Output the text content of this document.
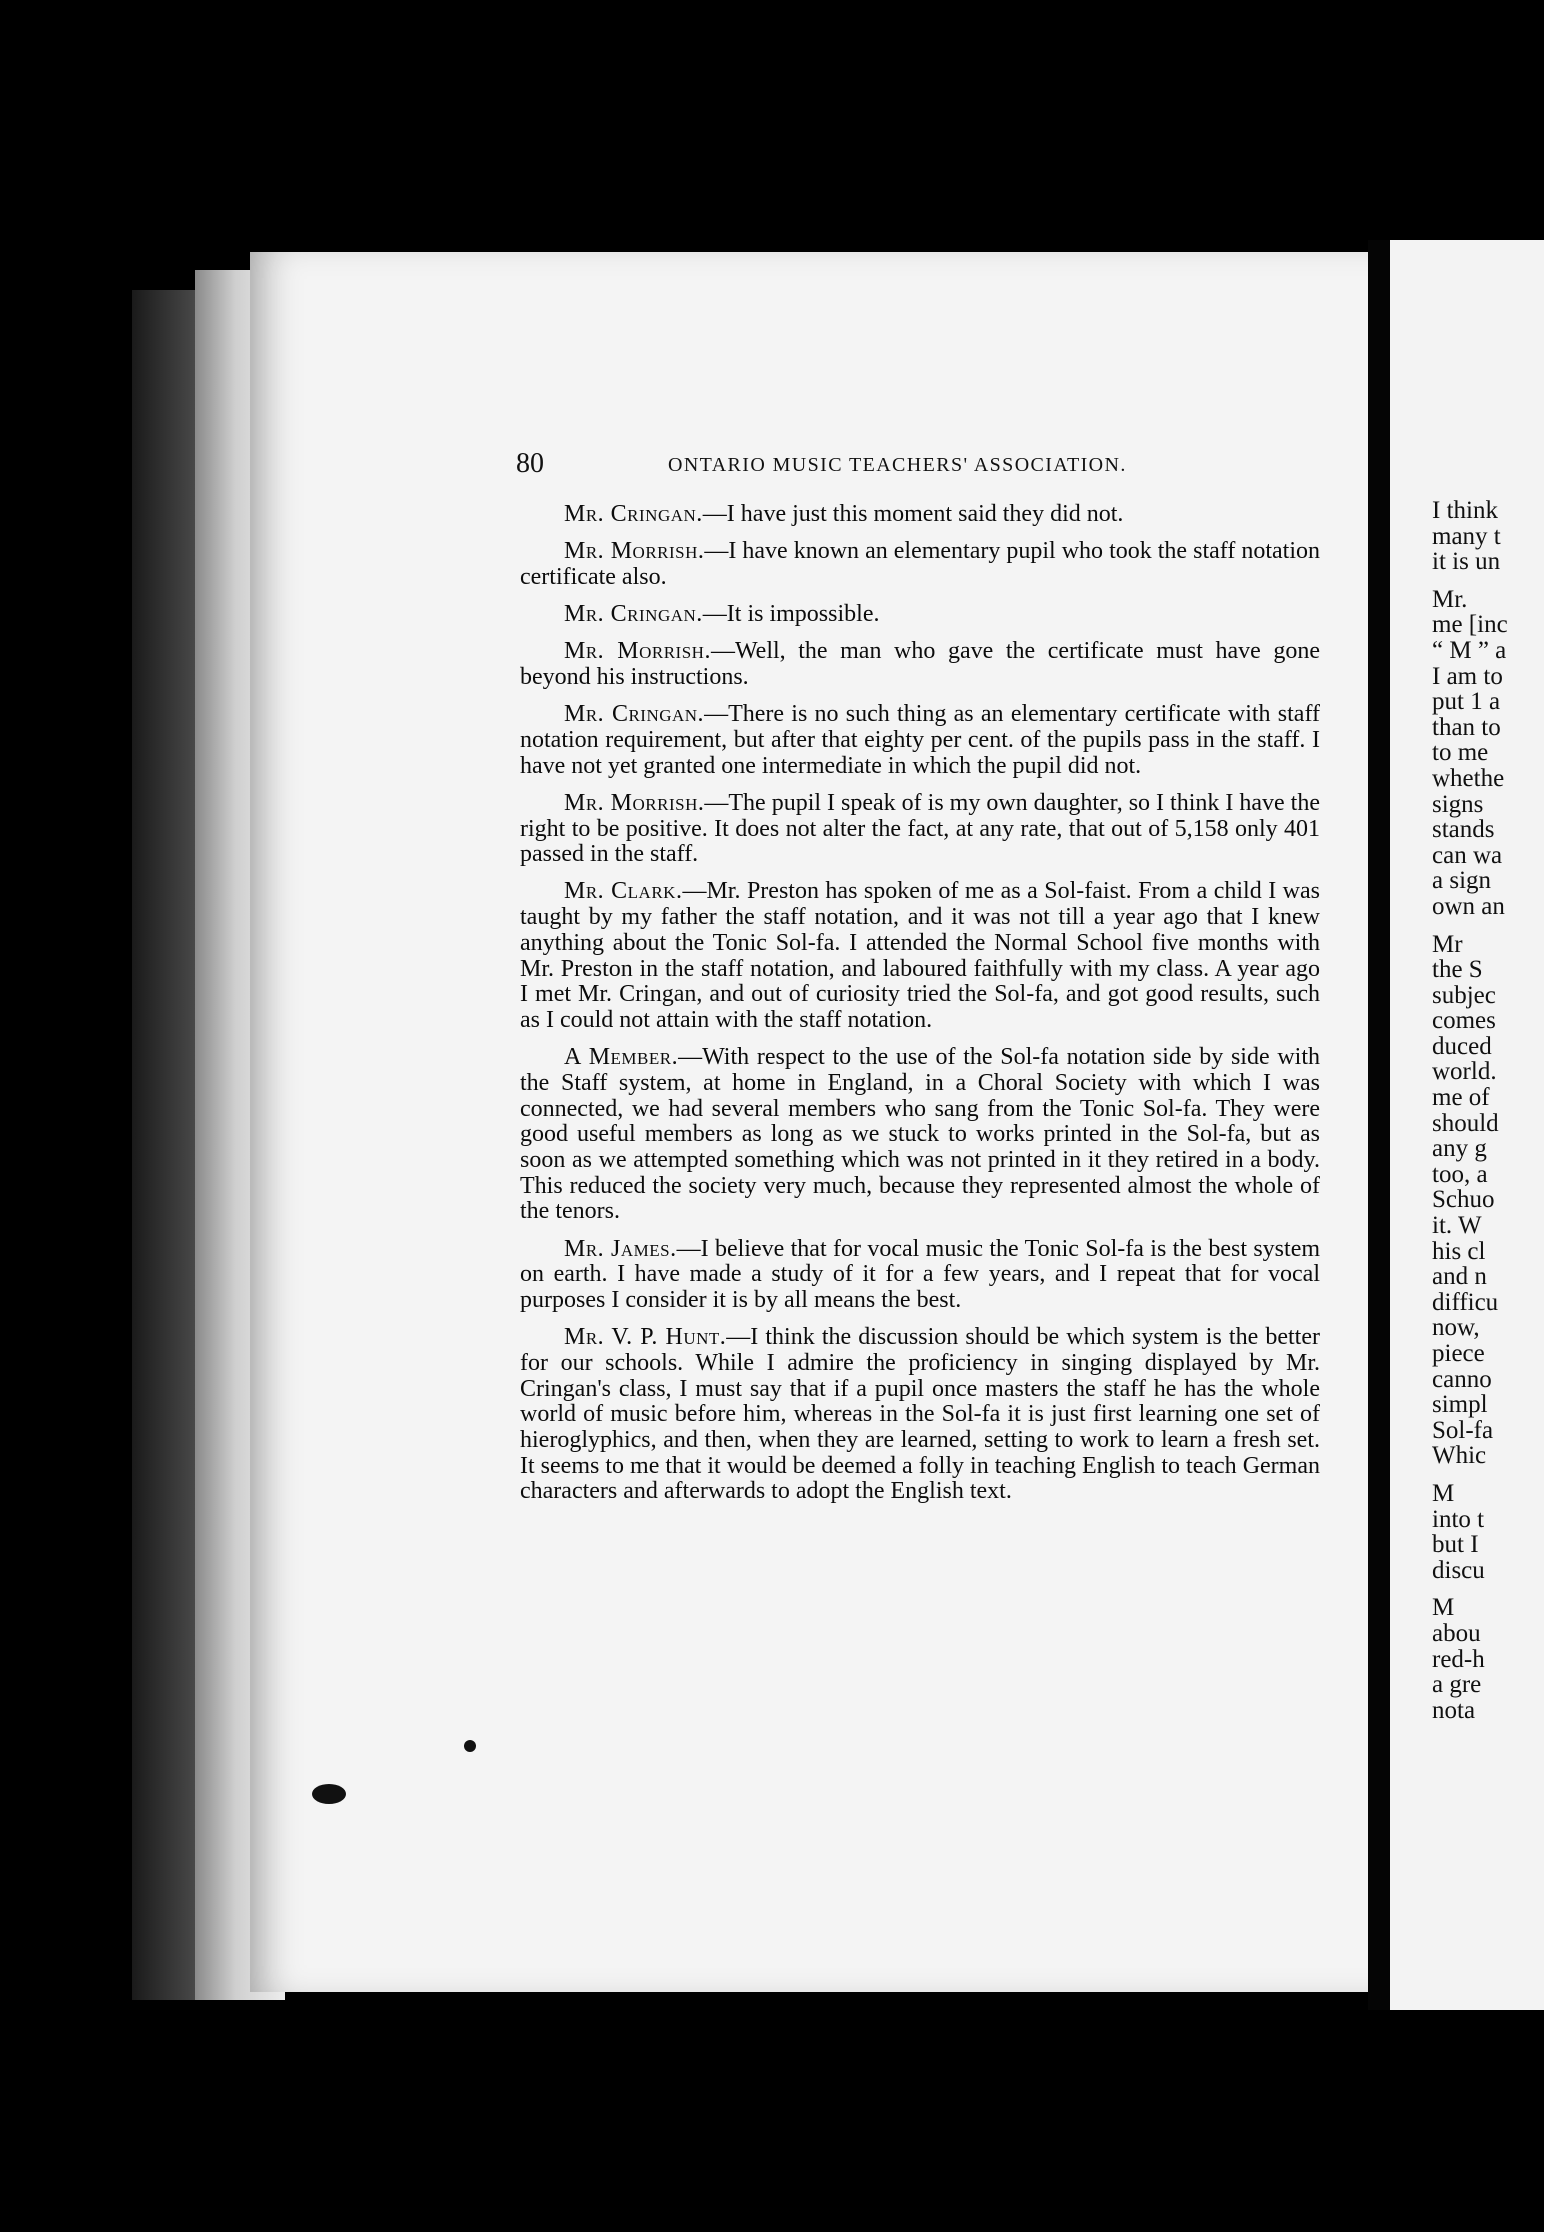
I think
many t
it is un
Mr.
me [inc
“ M ” a
I am to
put 1 a
than to
to me
whethe
signs
stands
can wa
a sign
own an
Mr
the S
subjec
comes
duced
world.
me of
should
any g
too, a
Schuo
it. W
his cl
and n
difficu
now,
piece
canno
simpl
Sol-fa
Whic
M
into t
but I
discu
M
abou
red-h
a gre
nota
80	ONTARIO MUSIC TEACHERS' ASSOCIATION.

Mr. Cringan.—I have just this moment said they did not.

Mr. Morrish.—I have known an elementary pupil who took the staff notation certificate also.

Mr. Cringan.—It is impossible.

Mr. Morrish.—Well, the man who gave the certificate must have gone beyond his instructions.

Mr. Cringan.—There is no such thing as an elementary certificate with staff notation requirement, but after that eighty per cent. of the pupils pass in the staff. I have not yet granted one intermediate in which the pupil did not.

Mr. Morrish.—The pupil I speak of is my own daughter, so I think I have the right to be positive. It does not alter the fact, at any rate, that out of 5,158 only 401 passed in the staff.

Mr. Clark.—Mr. Preston has spoken of me as a Sol-faist. From a child I was taught by my father the staff notation, and it was not till a year ago that I knew anything about the Tonic Sol-fa. I attended the Normal School five months with Mr. Preston in the staff notation, and laboured faithfully with my class. A year ago I met Mr. Cringan, and out of curiosity tried the Sol-fa, and got good results, such as I could not attain with the staff notation.

A Member.—With respect to the use of the Sol-fa notation side by side with the Staff system, at home in England, in a Choral Society with which I was connected, we had several members who sang from the Tonic Sol-fa. They were good useful members as long as we stuck to works printed in the Sol-fa, but as soon as we attempted something which was not printed in it they retired in a body. This reduced the society very much, because they represented almost the whole of the tenors.

Mr. James.—I believe that for vocal music the Tonic Sol-fa is the best system on earth. I have made a study of it for a few years, and I repeat that for vocal purposes I consider it is by all means the best.

Mr. V. P. Hunt.—I think the discussion should be which system is the better for our schools. While I admire the proficiency in singing displayed by Mr. Cringan's class, I must say that if a pupil once masters the staff he has the whole world of music before him, whereas in the Sol-fa it is just first learning one set of hieroglyphics, and then, when they are learned, setting to work to learn a fresh set. It seems to me that it would be deemed a folly in teaching English to teach German characters and afterwards to adopt the English text.
